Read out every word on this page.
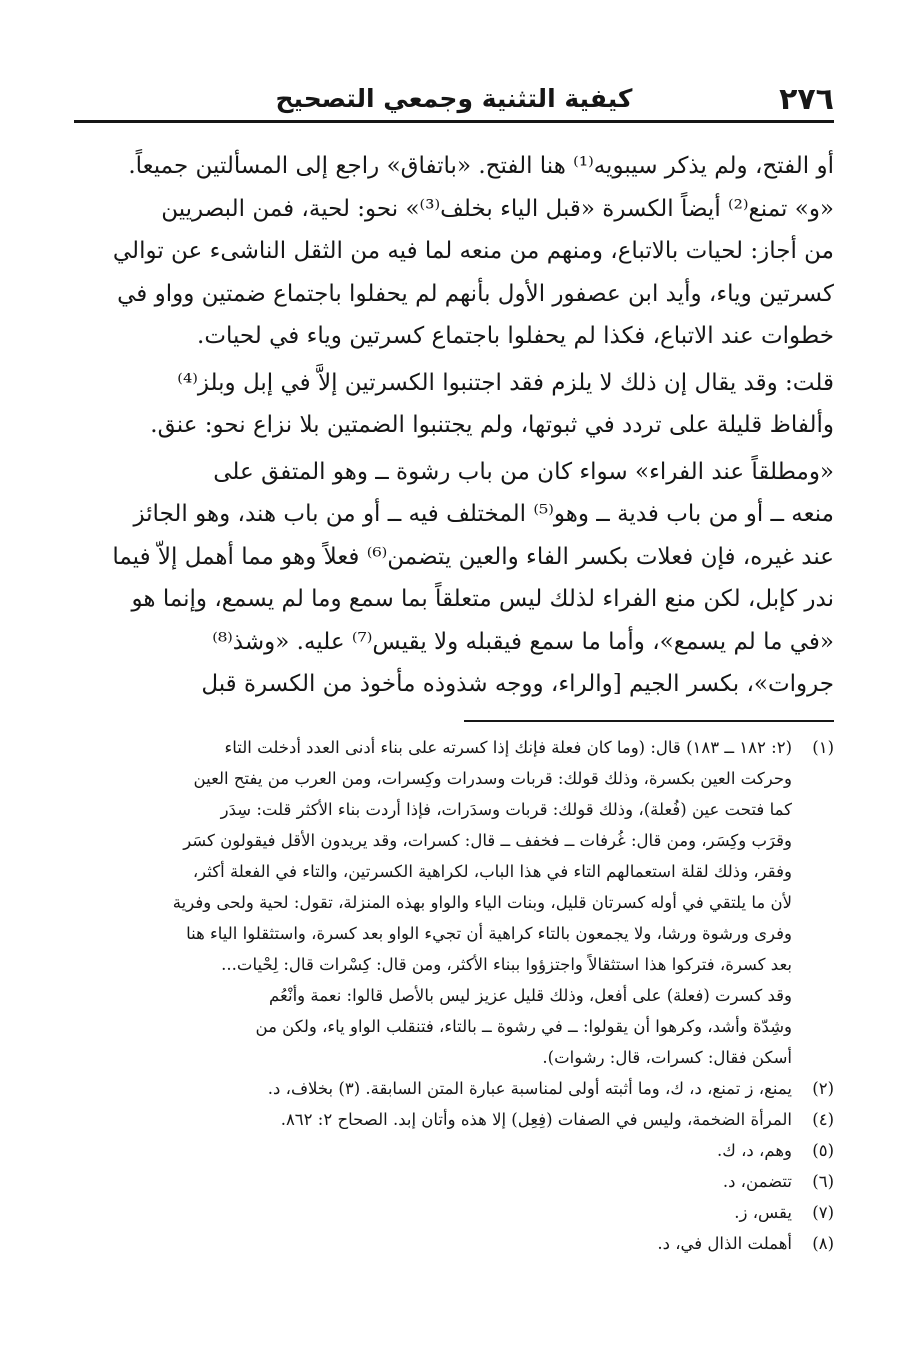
٢٧٦
كيفية التثنية وجمعي التصحيح

أو الفتح، ولم يذكر سيبويه⁽¹⁾ هنا الفتح. «باتفاق» راجع إلى المسألتين جميعاً.
«و» تمنع⁽²⁾ أيضاً الكسرة «قبل الياء بخلف⁽³⁾» نحو: لحية، فمن البصريين
من أجاز: لحيات بالاتباع، ومنهم من منعه لما فيه من الثقل الناشىء عن توالي
كسرتين وياء، وأيد ابن عصفور الأول بأنهم لم يحفلوا باجتماع ضمتين وواو في
خطوات عند الاتباع، فكذا لم يحفلوا باجتماع كسرتين وياء في لحيات.

قلت: وقد يقال إن ذلك لا يلزم فقد اجتنبوا الكسرتين إلاَّ في إبل وبلز⁽⁴⁾
وألفاظ قليلة على تردد في ثبوتها، ولم يجتنبوا الضمتين بلا نزاع نحو: عنق.

«ومطلقاً عند الفراء» سواء كان من باب رشوة ــ وهو المتفق على
منعه ــ أو من باب فدية ــ وهو⁽⁵⁾ المختلف فيه ــ أو من باب هند، وهو الجائز
عند غيره، فإن فعلات بكسر الفاء والعين يتضمن⁽⁶⁾ فعلاً وهو مما أهمل إلاّ فيما
ندر كإبل، لكن منع الفراء لذلك ليس متعلقاً بما سمع وما لم يسمع، وإنما هو
«في ما لم يسمع»، وأما ما سمع فيقبله ولا يقيس⁽⁷⁾ عليه. «وشذ⁽⁸⁾
جروات»، بكسر الجيم [والراء، ووجه شذوذه مأخوذ من الكسرة قبل

(١)
(٢: ١٨٢ ــ ١٨٣) قال: (وما كان فعلة فإنك إذا كسرته على بناء أدنى العدد أدخلت التاء
وحركت العين بكسرة، وذلك قولك: قربات وسدرات وكِسرات، ومن العرب من يفتح العين
كما فتحت عين (فُعلة)، وذلك قولك: قربات وسدَرات، فإذا أردت بناء الأكثر قلت: سِدَر
وقرَب وكِسَر، ومن قال: غُرفات ــ فخفف ــ قال: كسرات، وقد يريدون الأقل فيقولون كسَر
وفقر، وذلك لقلة استعمالهم التاء في هذا الباب، لكراهية الكسرتين، والتاء في الفعلة أكثر،
لأن ما يلتقي في أوله كسرتان قليل، وبنات الياء والواو بهذه المنزلة، تقول: لحية ولحى وفرية
وفرى ورشوة ورشا، ولا يجمعون بالتاء كراهية أن تجيء الواو بعد كسرة، واستثقلوا الياء هنا
بعد كسرة، فتركوا هذا استثقالاً واجتزؤوا ببناء الأكثر، ومن قال: كِسْرات قال: لِحْيات...
وقد كسرت (فعلة) على أفعل، وذلك قليل عزيز ليس بالأصل قالوا: نعمة وأنْعُم
وشِدّة وأشد، وكرهوا أن يقولوا: ــ في رشوة ــ بالتاء، فتنقلب الواو ياء، ولكن من
أسكن فقال: كسرات، قال: رشوات).
(٢)
يمنع، ز تمنع، د، ك، وما أثبته أولى لمناسبة عبارة المتن السابقة. (٣) بخلاف، د.
(٤)
المرأة الضخمة، وليس في الصفات (فِعِل) إلا هذه وأتان إبد. الصحاح ٢: ٨٦٢.
(٥)
وهم، د، ك.
(٦)
تتضمن، د.
(٧)
يقس، ز.
(٨)
أهملت الذال في، د.
